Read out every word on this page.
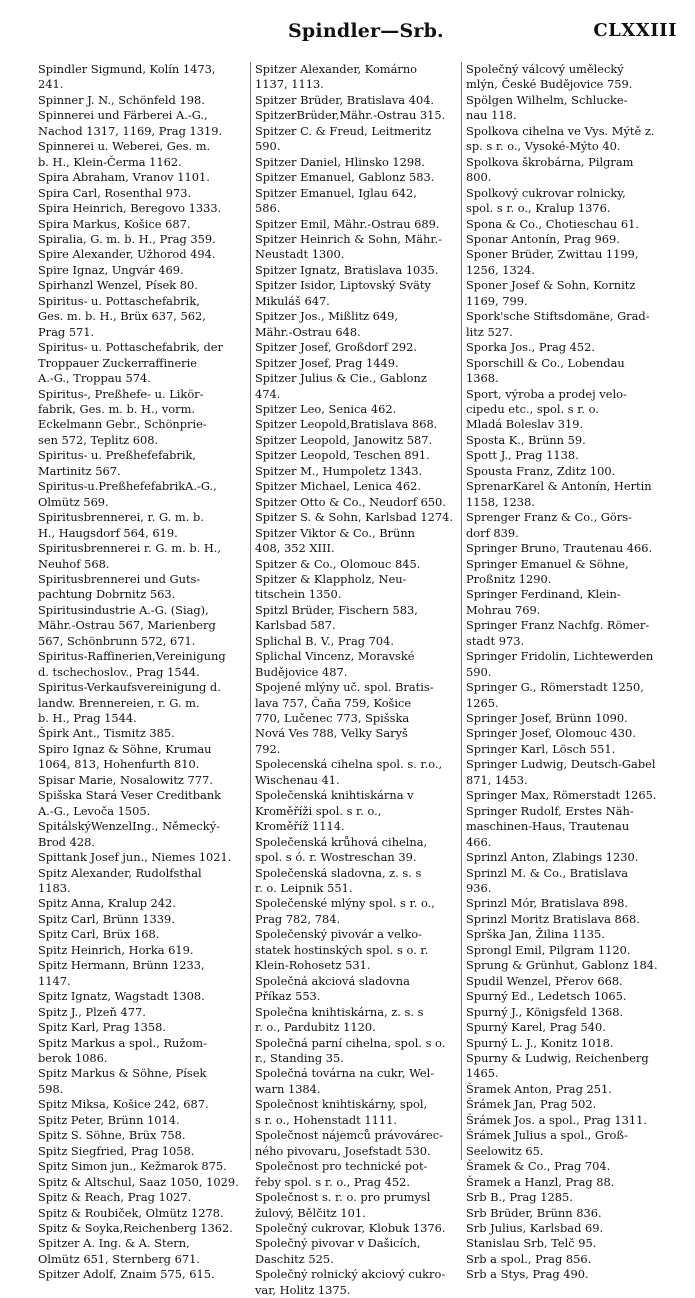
Spindler—Srb.	CLXXIII
Spindler Sigmund, Kolín 1473,
241.
Spinner J. N., Schönfeld 198.
Spinnerei und Färberei A.-G.,
Nachod 1317, 1169, Prag 1319.
Spinnerei u. Weberei, Ges. m.
b. H., Klein-Čerma 1162.
Spira Abraham, Vranov 1101.
Spira Carl, Rosenthal 973.
Spira Heinrich, Beregovo 1333.
Spira Markus, Košice 687.
Spiralia, G. m. b. H., Prag 359.
Spire Alexander, Užhorod 494.
Spire Ignaz, Ungvár 469.
Spirhanzl Wenzel, Písek 80.
Spiritus- u. Pottaschefabrik,
Ges. m. b. H., Brüx 637, 562,
Prag 571.
Spiritus- u. Pottaschefabrik, der
Troppauer Zuckerraffinerie
A.-G., Troppau 574.
Spiritus-, Preßhefe- u. Likör-
fabrik, Ges. m. b. H., vorm.
Eckelmann Gebr., Schönprie-
sen 572, Teplitz 608.
Spiritus- u. Preßhefefabrik,
Martinitz 567.
Spiritus-u.PreßhefefabrikA.-G.,
Olmütz 569.
Spiritusbrennerei, r. G. m. b.
H., Haugsdorf 564, 619.
Spiritusbrennerei r. G. m. b. H.,
Neuhof 568.
Spiritusbrennerei und Guts-
pachtung Dobrnitz 563.
Spiritusindustrie A.-G. (Siag),
Mähr.-Ostrau 567, Marienberg
567, Schönbrunn 572, 671.
Spiritus-Raffinerien,Vereinigung
d. tschechoslov., Prag 1544.
Spiritus-Verkaufsvereinigung d.
landw. Brennereien, r. G. m.
b. H., Prag 1544.
Špirk Ant., Tismitz 385.
Spiro Ignaz & Söhne, Krumau
1064, 813, Hohenfurth 810.
Spisar Marie, Nosalowitz 777.
Spišska Stará Veser Creditbank
A.-G., Levoča 1505.
SpitálskýWenzelIng., Německý-
Brod 428.
Spittank Josef jun., Niemes 1021.
Spitz Alexander, Rudolfsthal
1183.
Spitz Anna, Kralup 242.
Spitz Carl, Brünn 1339.
Spitz Carl, Brüx 168.
Spitz Heinrich, Horka 619.
Spitz Hermann, Brünn 1233,
1147.
Spitz Ignatz, Wagstadt 1308.
Spitz J., Plzeň 477.
Spitz Karl, Prag 1358.
Spitz Markus a spol., Ružom-
berok 1086.
Spitz Markus & Söhne, Písek
598.
Spitz Miksa, Košice 242, 687.
Spitz Peter, Brünn 1014.
Spitz S. Söhne, Brüx 758.
Spitz Siegfried, Prag 1058.
Spitz Simon jun., Kežmarok 875.
Spitz & Altschul, Saaz 1050, 1029.
Spitz & Reach, Prag 1027.
Spitz & Roubiček, Olmütz 1278.
Spitz & Soyka,Reichenberg 1362.
Spitzer A. Ing. & A. Stern,
Olmütz 651, Sternberg 671.
Spitzer Adolf, Znaim 575, 615.
Spitzer Alexander, Komárno
1137, 1113.
Spitzer Brüder, Bratislava 404.
SpitzerBrüder,Mähr.-Ostrau 315.
Spitzer C. & Freud, Leitmeritz
590.
Spitzer Daniel, Hlinsko 1298.
Spitzer Emanuel, Gablonz 583.
Spitzer Emanuel, Iglau 642,
586.
Spitzer Emil, Mähr.-Ostrau 689.
Spitzer Heinrich & Sohn, Mähr.-
Neustadt 1300.
Spitzer Ignatz, Bratislava 1035.
Spitzer Isidor, Liptovský Sväty
Mikuláš 647.
Spitzer Jos., Mißlitz 649,
Mähr.-Ostrau 648.
Spitzer Josef, Großdorf 292.
Spitzer Josef, Prag 1449.
Spitzer Julius & Cie., Gablonz
474.
Spitzer Leo, Senica 462.
Spitzer Leopold,Bratislava 868.
Spitzer Leopold, Janowitz 587.
Spitzer Leopold, Teschen 891.
Spitzer M., Humpoletz 1343.
Spitzer Michael, Lenica 462.
Spitzer Otto & Co., Neudorf 650.
Spitzer S. & Sohn, Karlsbad 1274.
Spitzer Viktor & Co., Brünn
408, 352 XIII.
Spitzer & Co., Olomouc 845.
Spitzer & Klappholz, Neu-
titschein 1350.
Spitzl Brüder, Fischern 583,
Karlsbad 587.
Splichal B. V., Prag 704.
Splichal Vincenz, Moravské
Budějovice 487.
Spojené mlýny uč. spol. Bratis-
lava 757, Čaňa 759, Košice
770, Lučenec 773, Spišska
Nová Ves 788, Velky Saryš
792.
Spolecenská cihelna spol. s. r.o.,
Wischenau 41.
Společenská knihtiskárna v
Kroměříži spol. s r. o.,
Kroměříž 1114.
Společenská krůhová cihelna,
spol. s ó. r. Wostreschan 39.
Společenská sladovna, z. s. s
r. o. Leipnik 551.
Společenské mlýny spol. s r. o.,
Prag 782, 784.
Společenský pivovár a velko-
statek hostinských spol. s o. r.
Klein-Rohosetz 531.
Společná akciová sladovna
Příkaz 553.
Společna knihtiskárna, z. s. s
r. o., Pardubitz 1120.
Společná parní cihelna, spol. s o.
r., Standing 35.
Společná továrna na cukr, Wel-
warn 1384.
Společnost knihtiskárny, spol,
s r. o., Hohenstadt 1111.
Společnost nájemců právovárec-
ného pivovaru, Josefstadt 530.
Společnost pro technické pot-
řeby spol. s r. o., Prag 452.
Společnost s. r. o. pro prumysl
žulový, Bělčitz 101.
Společný cukrovar, Klobuk 1376.
Společný pivovar v Dašicích,
Daschitz 525.
Společný rolnický akciový cukro-
var, Holitz 1375.
Společný válcový umělecký
mlýn, České Budějovice 759.
Spölgen Wilhelm, Schlucke-
nau 118.
Spolkova cihelna ve Vys. Mýtě z.
sp. s r. o., Vysoké-Mýto 40.
Spolkova škrobárna, Pilgram
800.
Spolkový cukrovar rolnicky,
spol. s r. o., Kralup 1376.
Spona & Co., Chotieschau 61.
Sponar Antonín, Prag 969.
Sponer Brüder, Zwittau 1199,
1256, 1324.
Sponer Josef & Sohn, Kornitz
1169, 799.
Spork'sche Stiftsdomäne, Grad-
litz 527.
Sporka Jos., Prag 452.
Sporschill & Co., Lobendau
1368.
Sport, výroba a prodej velo-
cipedu etc., spol. s r. o.
Mladá Boleslav 319.
Sposta K., Brünn 59.
Spott J., Prag 1138.
Spousta Franz, Zditz 100.
SprenarKarel & Antonín, Hertin
1158, 1238.
Sprenger Franz & Co., Görs-
dorf 839.
Springer Bruno, Trautenau 466.
Springer Emanuel & Söhne,
Proßnitz 1290.
Springer Ferdinand, Klein-
Mohrau 769.
Springer Franz Nachfg. Römer-
stadt 973.
Springer Fridolin, Lichtewerden
590.
Springer G., Römerstadt 1250,
1265.
Springer Josef, Brünn 1090.
Springer Josef, Olomouc 430.
Springer Karl, Lösch 551.
Springer Ludwig, Deutsch-Gabel
871, 1453.
Springer Max, Römerstadt 1265.
Springer Rudolf, Erstes Näh-
maschinen-Haus, Trautenau
466.
Sprinzl Anton, Zlabings 1230.
Sprinzl M. & Co., Bratislava
936.
Sprinzl Mór, Bratislava 898.
Sprinzl Moritz Bratislava 868.
Sprška Jan, Žilina 1135.
Sprongl Emil, Pilgram 1120.
Sprung & Grünhut, Gablonz 184.
Spudil Wenzel, Přerov 668.
Spurný Ed., Ledetsch 1065.
Spurný J., Königsfeld 1368.
Spurný Karel, Prag 540.
Spurný L. J., Konitz 1018.
Spurny & Ludwig, Reichenberg
1465.
Šramek Anton, Prag 251.
Šrámek Jan, Prag 502.
Šrámek Jos. a spol., Prag 1311.
Šrámek Julius a spol., Groß-
Seelowitz 65.
Šramek & Co., Prag 704.
Šramek a Hanzl, Prag 88.
Srb B., Prag 1285.
Srb Brüder, Brünn 836.
Srb Julius, Karlsbad 69.
Stanislau Srb, Telč 95.
Srb a spol., Prag 856.
Srb a Stys, Prag 490.
